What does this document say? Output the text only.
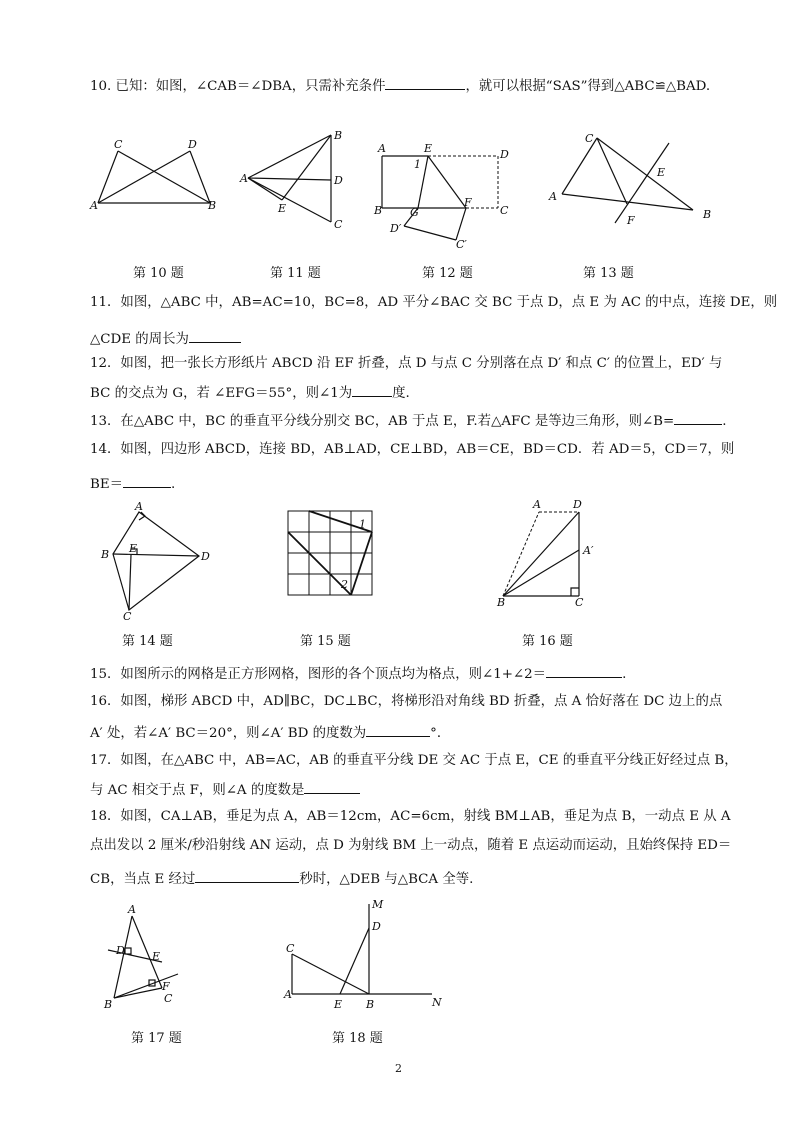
10. 已知：如图，∠CAB＝∠DBA，只需补充条件	，就可以根据“SAS”得到△ABC≌△BAD.
A	B
C	D
A
B
C
D
E
A
B	C
D
E
F
G
D′
C′
1
A
B
C
E
F
第 10 题	第 11 题	第 12 题	第 13 题
11．如图，△ABC 中，AB=AC=10，BC=8，AD 平分∠BAC 交 BC 于点 D，点 E 为 AC 的中点，连接 DE，则
△CDE 的周长为
12．如图，把一张长方形纸片 ABCD 沿 EF 折叠，点 D 与点 C 分别落在点 D′ 和点 C′ 的位置上，ED′ 与
BC 的交点为 G，若 ∠EFG＝55°，则∠1为	度.
13．在△ABC 中，BC 的垂直平分线分别交 BC，AB 于点 E，F.若△AFC 是等边三角形，则∠B=	.
14．如图，四边形 ABCD，连接 BD，AB⊥AD，CE⊥BD，AB＝CE，BD＝CD．若 AD＝5，CD＝7，则
BE＝	.
A
B
C
D
E
1
2
A
B	C
D
A′
第 14 题	第 15 题	第 16 题
15．如图所示的网格是正方形网格，图形的各个顶点均为格点，则∠1+∠2＝	.
16．如图，梯形 ABCD 中，AD∥BC，DC⊥BC，将梯形沿对角线 BD 折叠，点 A 恰好落在 DC 边上的点
A′ 处，若∠A′ BC＝20°，则∠A′ BD 的度数为	°．
17．如图，在△ABC 中，AB=AC，AB 的垂直平分线 DE 交 AC 于点 E，CE 的垂直平分线正好经过点 B，
与 AC 相交于点 F，则∠A 的度数是
18．如图，CA⊥AB，垂足为点 A，AB＝12cm，AC=6cm，射线 BM⊥AB，垂足为点 B，一动点 E 从 A
点出发以 2 厘米/秒沿射线 AN 运动，点 D 为射线 BM 上一动点，随着 E 点运动而运动，且始终保持 ED＝
CB，当点 E 经过	秒时，△DEB 与△BCA 全等.
A
B	C
D E
F
C
A
E B
D
M
N
第 17 题	第 18 题
2
